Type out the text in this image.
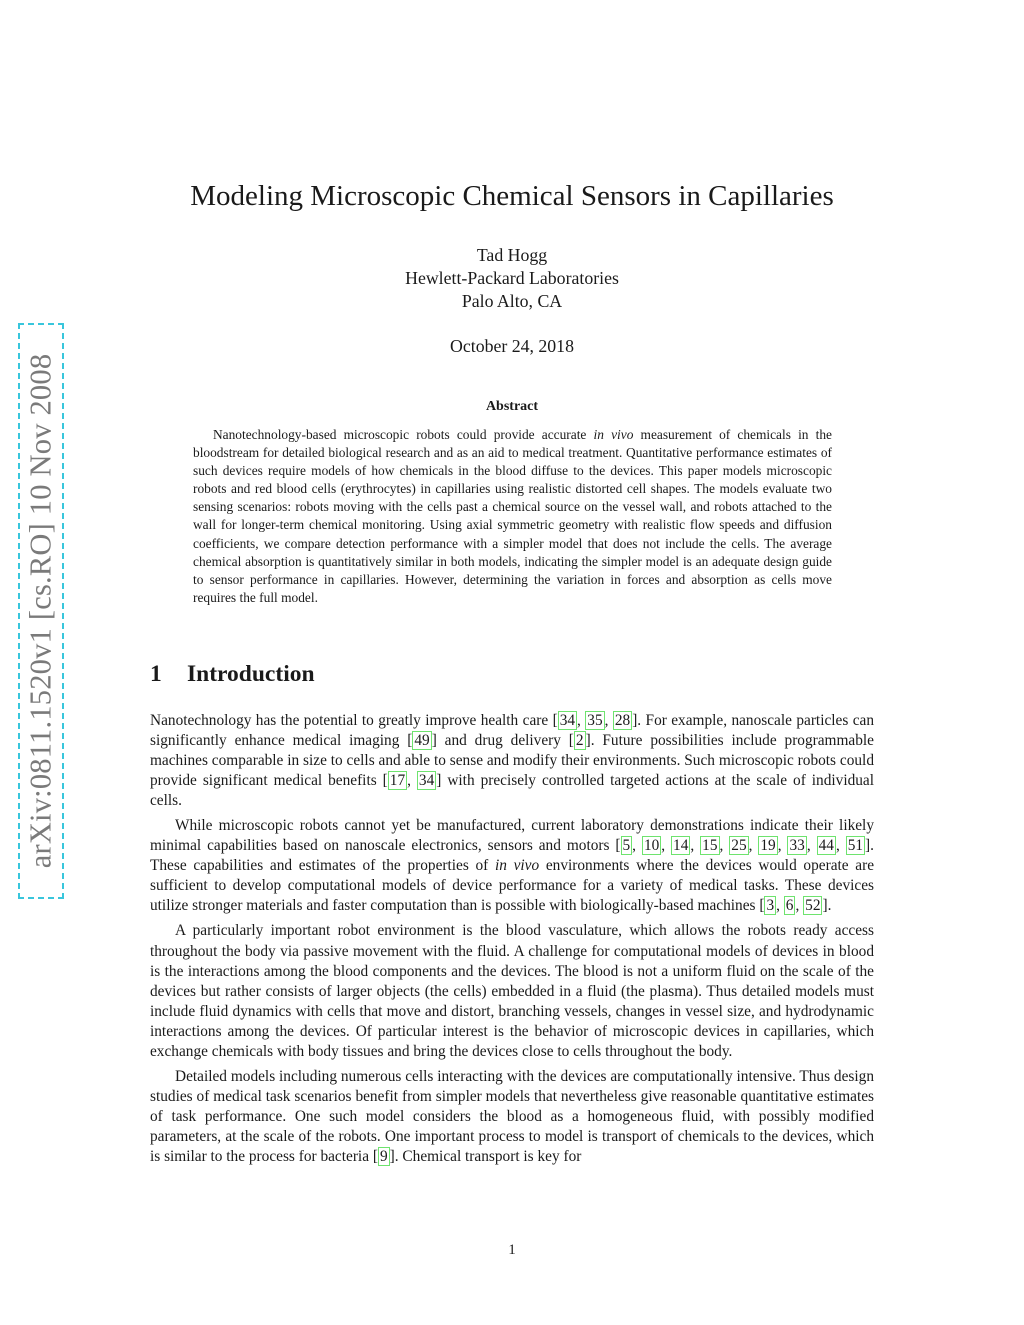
arXiv:0811.1520v1 [cs.RO] 10 Nov 2008
Modeling Microscopic Chemical Sensors in Capillaries
Tad Hogg
Hewlett-Packard Laboratories
Palo Alto, CA
October 24, 2018
Abstract
Nanotechnology-based microscopic robots could provide accurate in vivo measurement of chemicals in the bloodstream for detailed biological research and as an aid to medical treatment. Quantitative performance estimates of such devices require models of how chemicals in the blood diffuse to the devices. This paper models microscopic robots and red blood cells (erythrocytes) in capillaries using realistic distorted cell shapes. The models evaluate two sensing scenarios: robots moving with the cells past a chemical source on the vessel wall, and robots attached to the wall for longer-term chemical monitoring. Using axial symmetric geometry with realistic flow speeds and diffusion coefficients, we compare detection performance with a simpler model that does not include the cells. The average chemical absorption is quantitatively similar in both models, indicating the simpler model is an adequate design guide to sensor performance in capillaries. However, determining the variation in forces and absorption as cells move requires the full model.
1 Introduction

Nanotechnology has the potential to greatly improve health care [ 34 , 35 , 28 ]. For example, nanoscale particles can significantly enhance medical imaging [ 49 ] and drug delivery [ 2 ]. Future possibilities include programmable machines comparable in size to cells and able to sense and modify their environments. Such microscopic robots could provide significant medical benefits [ 17 , 34 ] with precisely controlled targeted actions at the scale of individual cells.

While microscopic robots cannot yet be manufactured, current laboratory demonstrations indicate their likely minimal capabilities based on nanoscale electronics, sensors and motors [ 5 , 10 , 14 , 15 , 25 , 19 , 33 , 44 , 51 ]. These capabilities and estimates of the properties of in vivo environments where the devices would operate are sufficient to develop computational models of device performance for a variety of medical tasks. These devices utilize stronger materials and faster computation than is possible with biologically-based machines [ 3 , 6 , 52 ].

A particularly important robot environment is the blood vasculature, which allows the robots ready access throughout the body via passive movement with the fluid. A challenge for computational models of devices in blood is the interactions among the blood components and the devices. The blood is not a uniform fluid on the scale of the devices but rather consists of larger objects (the cells) embedded in a fluid (the plasma). Thus detailed models must include fluid dynamics with cells that move and distort, branching vessels, changes in vessel size, and hydrodynamic interactions among the devices. Of particular interest is the behavior of microscopic devices in capillaries, which exchange chemicals with body tissues and bring the devices close to cells throughout the body.

Detailed models including numerous cells interacting with the devices are computationally intensive. Thus design studies of medical task scenarios benefit from simpler models that nevertheless give reasonable quantitative estimates of task performance. One such model considers the blood as a homogeneous fluid, with possibly modified parameters, at the scale of the robots. One important process to model is transport of chemicals to the devices, which is similar to the process for bacteria [ 9 ]. Chemical transport is key for

1
